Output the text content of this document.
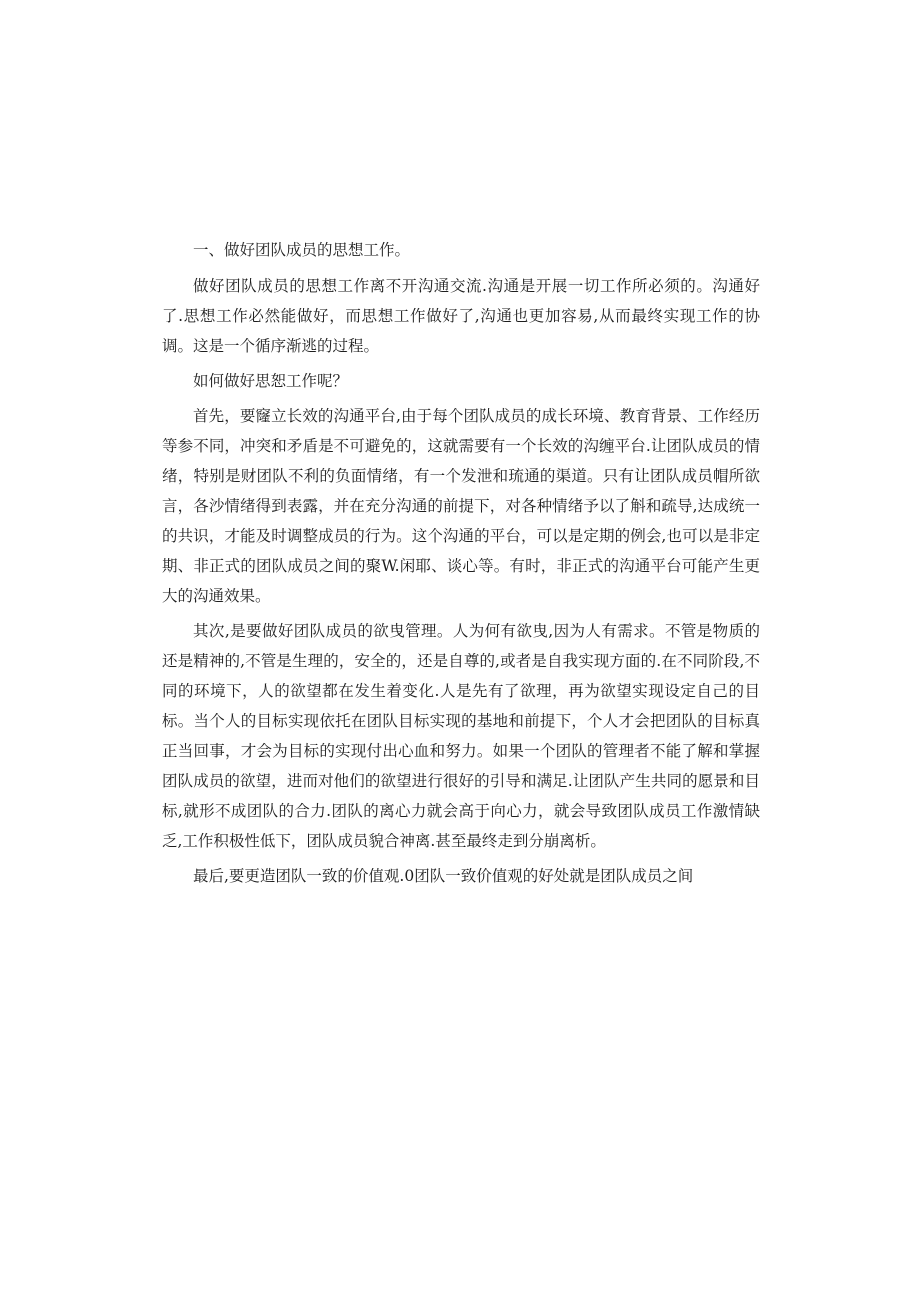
一、做好团队成员的思想工作。

做好团队成员的思想工作离不开沟通交流.沟通是开展一切工作所必须的。沟通好了.思想工作必然能做好，而思想工作做好了,沟通也更加容易,从而最终实现工作的协调。这是一个循序渐逃的过程。

如何做好思恕工作呢？

首先，要窿立长效的沟通平台,由于每个团队成员的成长环境、教育背景、工作经历等参不同，冲突和矛盾是不可避免的，这就需要有一个长效的沟缠平台.让团队成员的情绪，特别是财团队不利的负面情绪，有一个发泄和琉通的渠道。只有让团队成员帽所欲言，各沙情绪得到表露，并在充分沟通的前提下，对各种情绪予以了斛和疏导,达成统一的共识，才能及时调整成员的行为。这个沟通的平台，可以是定期的例会,也可以是非定期、非正式的团队成员之间的聚W.闲耶、谈心等。有时，非正式的沟通平台可能产生更大的沟通效果。

其次,是要做好团队成员的欲曳管理。人为何有欲曳,因为人有需求。不管是物质的还是精神的,不管是生理的，安全的，还是自尊的,或者是自我实现方面的.在不同阶段,不同的环境下，人的欲望都在发生着变化.人是先有了欲理，再为欲望实现设定自己的目标。当个人的目标实现依托在团队目标实现的基地和前提下，个人才会把团队的目标真正当回事，才会为目标的实现付出心血和努力。如果一个团队的管理者不能了解和掌握团队成员的欲望，进而对他们的欲望进行很好的引导和满足.让团队产生共同的愿景和目标,就形不成团队的合力.团队的离心力就会高于向心力，就会导致团队成员工作激情缺乏,工作积极性低下，团队成员貌合神离.甚至最终走到分崩离析。

最后,要更造团队一致的价值观.0团队一致价值观的好处就是团队成员之间
